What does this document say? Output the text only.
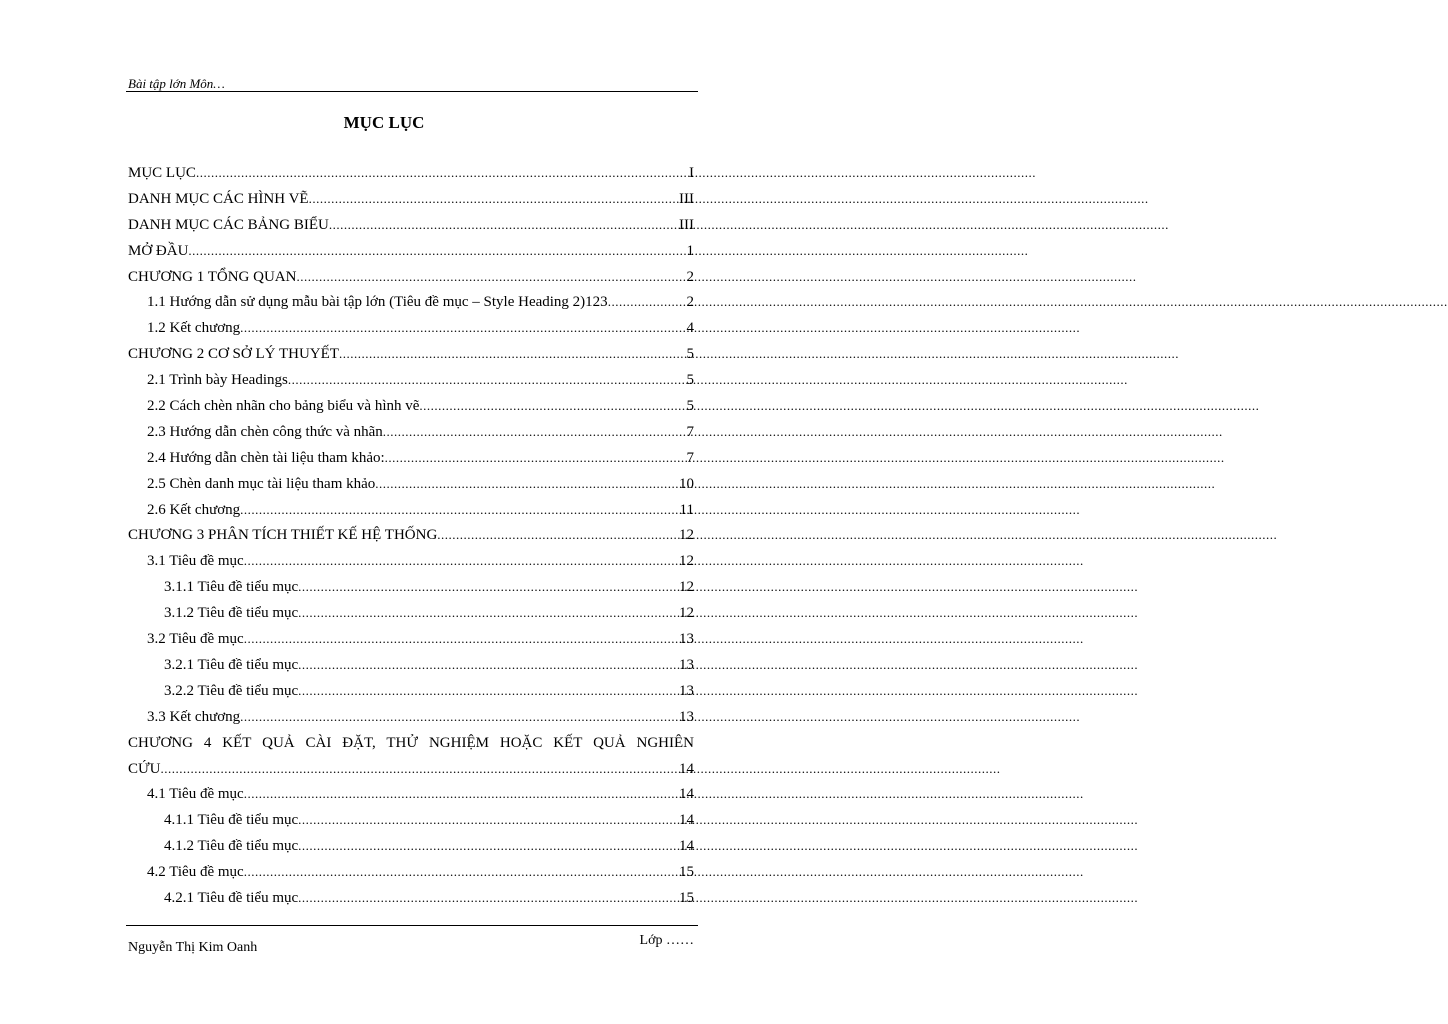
Bài tập lớn Môn…
MỤC LỤC
MỤC LỤC .....	I
DANH MỤC CÁC HÌNH VẼ .....	III
DANH MỤC CÁC BẢNG BIỂU .....	III
MỞ ĐẦU .....	1
CHƯƠNG 1 TỔNG QUAN .....	2
1.1 Hướng dẫn sử dụng mẫu bài tập lớn (Tiêu đề mục – Style Heading 2)123 .....	2
1.2 Kết chương .....	4
CHƯƠNG 2 CƠ SỞ LÝ THUYẾT .....	5
2.1 Trình bày Headings .....	5
2.2 Cách chèn nhãn cho bảng biểu và hình vẽ .....	5
2.3 Hướng dẫn chèn công thức và nhãn .....	7
2.4 Hướng dẫn chèn tài liệu tham khảo: .....	7
2.5 Chèn danh mục tài liệu tham khảo .....	10
2.6 Kết chương .....	11
CHƯƠNG 3 PHÂN TÍCH THIẾT KẾ HỆ THỐNG .....	12
3.1 Tiêu đề mục .....	12
3.1.1 Tiêu đề tiểu mục .....	12
3.1.2 Tiêu đề tiểu mục .....	12
3.2 Tiêu đề mục .....	13
3.2.1 Tiêu đề tiểu mục .....	13
3.2.2 Tiêu đề tiểu mục .....	13
3.3 Kết chương .....	13
CHƯƠNG 4 KẾT QUẢ CÀI ĐẶT, THỬ NGHIỆM HOẶC KẾT QUẢ NGHIÊN
CỨU .....	14
4.1 Tiêu đề mục .....	14
4.1.1 Tiêu đề tiểu mục .....	14
4.1.2 Tiêu đề tiểu mục .....	14
4.2 Tiêu đề mục .....	15
4.2.1 Tiêu đề tiểu mục .....	15
Nguyễn Thị Kim Oanh	Lớp ……
